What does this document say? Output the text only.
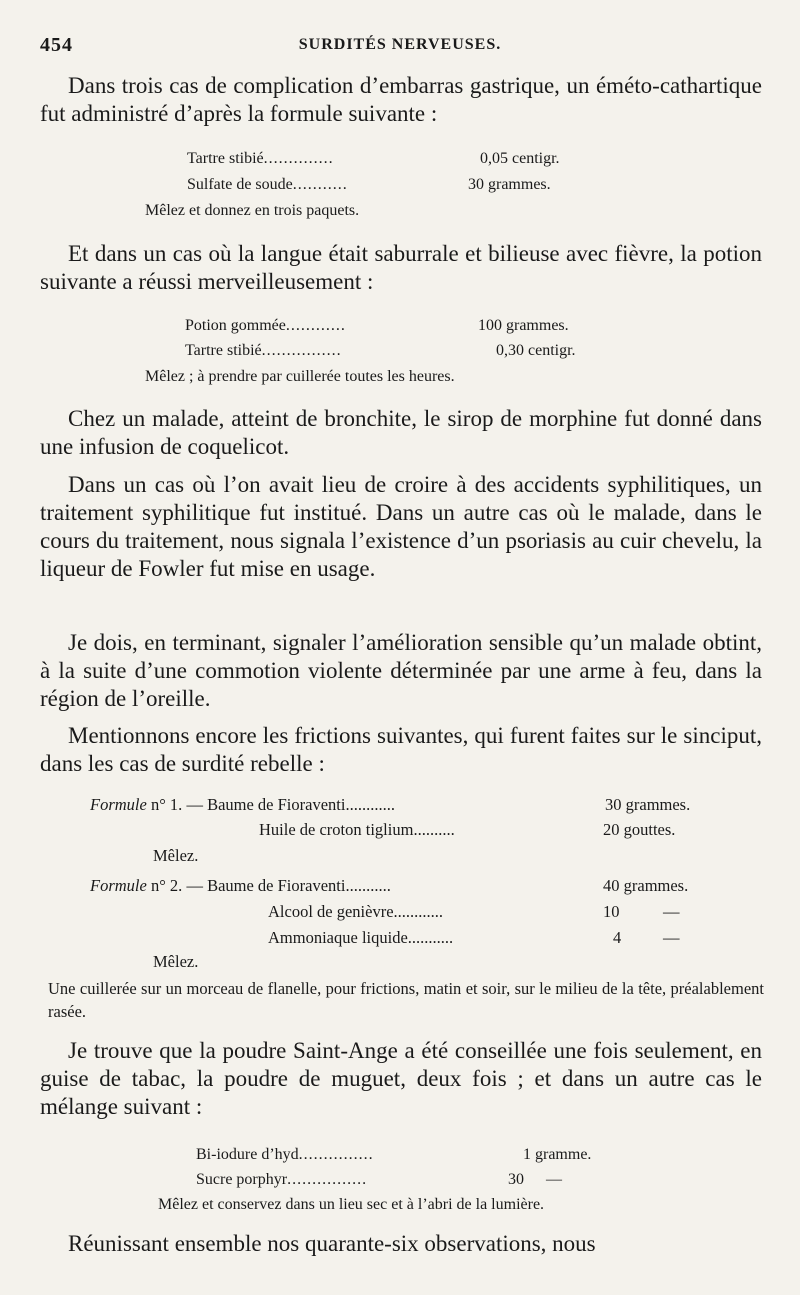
454	SURDITÉS NERVEUSES.
Dans trois cas de complication d’embarras gastrique, un éméto-cathartique fut administré d’après la formule suivante :
Tartre stibié..............	0,05 centigr.
Sulfate de soude...........	30 grammes.
Mêlez et donnez en trois paquets.
Et dans un cas où la langue était saburrale et bilieuse avec fièvre, la potion suivante a réussi merveilleusement :
Potion gommée............	100 grammes.
Tartre stibié................	0,30 centigr.
Mêlez ; à prendre par cuillerée toutes les heures.
Chez un malade, atteint de bronchite, le sirop de morphine fut donné dans une infusion de coquelicot.
Dans un cas où l’on avait lieu de croire à des accidents syphilitiques, un traitement syphilitique fut institué. Dans un autre cas où le malade, dans le cours du traitement, nous signala l’existence d’un psoriasis au cuir chevelu, la liqueur de Fowler fut mise en usage.
Je dois, en terminant, signaler l’amélioration sensible qu’un malade obtint, à la suite d’une commotion violente déterminée par une arme à feu, dans la région de l’oreille.
Mentionnons encore les frictions suivantes, qui furent faites sur le sinciput, dans les cas de surdité rebelle :
Formule n° 1. — Baume de Fioraventi............	30 grammes.
Huile de croton tiglium..........	20 gouttes.
Mêlez.
Formule n° 2. — Baume de Fioraventi...........	40 grammes.
Alcool de genièvre............	10	—
Ammoniaque liquide...........	4	—
Mêlez.
Une cuillerée sur un morceau de flanelle, pour frictions, matin et soir, sur le milieu de la tête, préalablement rasée.
Je trouve que la poudre Saint-Ange a été conseillée une fois seulement, en guise de tabac, la poudre de muguet, deux fois ; et dans un autre cas le mélange suivant :
Bi-iodure d’hyd...............	1 gramme.
Sucre porphyr................	30 —
Mêlez et conservez dans un lieu sec et à l’abri de la lumière.
Réunissant ensemble nos quarante-six observations, nous
